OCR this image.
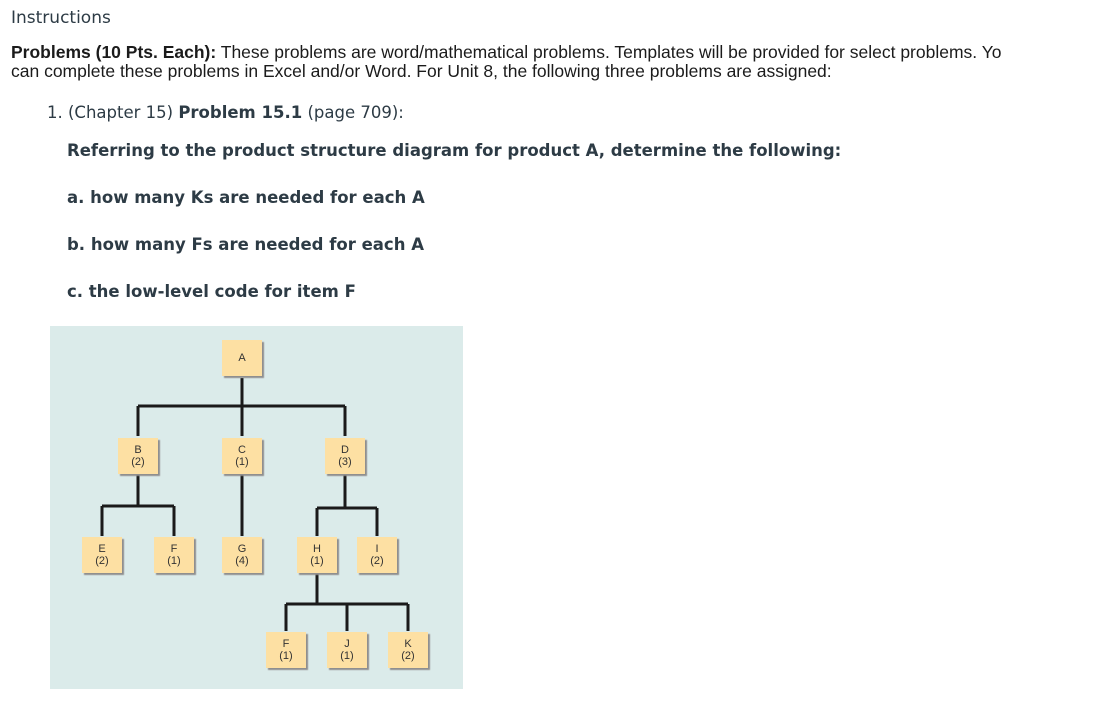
Instructions
Problems (10 Pts. Each): These problems are word/mathematical problems. Templates will be provided for select problems. Yo
can complete these problems in Excel and/or Word. For Unit 8, the following three problems are assigned:
1. (Chapter 15) Problem 15.1 (page 709):
Referring to the product structure diagram for product A, determine the following:
a. how many Ks are needed for each A
b. how many Fs are needed for each A
c. the low-level code for item F
A
B
(2)
C
(1)
D
(3)
E
(2)
F
(1)
G
(4)
H
(1)
I
(2)
F
(1)
J
(1)
K
(2)
